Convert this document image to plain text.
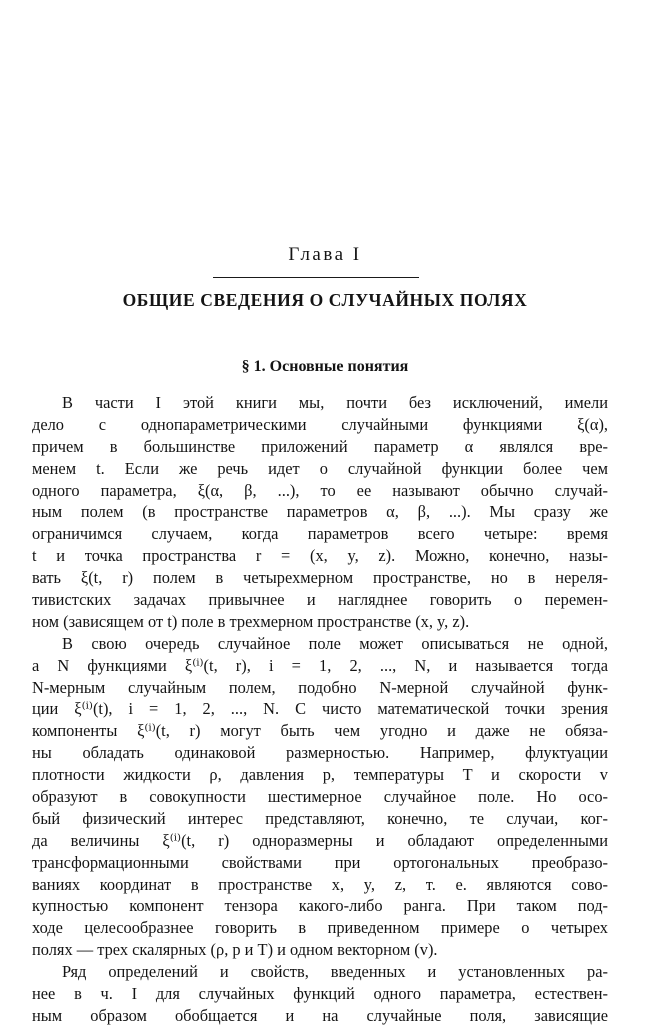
Глава I
ОБЩИЕ СВЕДЕНИЯ О СЛУЧАЙНЫХ ПОЛЯХ
§ 1. Основные понятия
В части I этой книги мы, почти без исключений, имели
дело с однопараметрическими случайными функциями ξ(α),
причем в большинстве приложений параметр α являлся вре-
менем t. Если же речь идет о случайной функции более чем
одного параметра, ξ(α, β, ...), то ее называют обычно случай-
ным полем (в пространстве параметров α, β, ...). Мы сразу же
ограничимся случаем, когда параметров всего четыре: время
t и точка пространства r = (x, y, z). Можно, конечно, назы-
вать ξ(t, r) полем в четырехмерном пространстве, но в нереля-
тивистских задачах привычнее и нагляднее говорить о перемен-
ном (зависящем от t) поле в трехмерном пространстве (x, y, z).
В свою очередь случайное поле может описываться не одной,
а N функциями ξ⁽ⁱ⁾(t, r), i = 1, 2, ..., N, и называется тогда
N-мерным случайным полем, подобно N-мерной случайной функ-
ции ξ⁽ⁱ⁾(t), i = 1, 2, ..., N. С чисто математической точки зрения
компоненты ξ⁽ⁱ⁾(t, r) могут быть чем угодно и даже не обяза-
ны обладать одинаковой размерностью. Например, флуктуации
плотности жидкости ρ, давления p, температуры T и скорости v
образуют в совокупности шестимерное случайное поле. Но осо-
бый физический интерес представляют, конечно, те случаи, ког-
да величины ξ⁽ⁱ⁾(t, r) одноразмерны и обладают определенными
трансформационными свойствами при ортогональных преобразо-
ваниях координат в пространстве x, y, z, т. е. являются сово-
купностью компонент тензора какого-либо ранга. При таком под-
ходе целесообразнее говорить в приведенном примере о четырех
полях — трех скалярных (ρ, p и T) и одном векторном (v).
Ряд определений и свойств, введенных и установленных ра-
нее в ч. I для случайных функций одного параметра, естествен-
ным образом обобщается и на случайные поля, зависящие
